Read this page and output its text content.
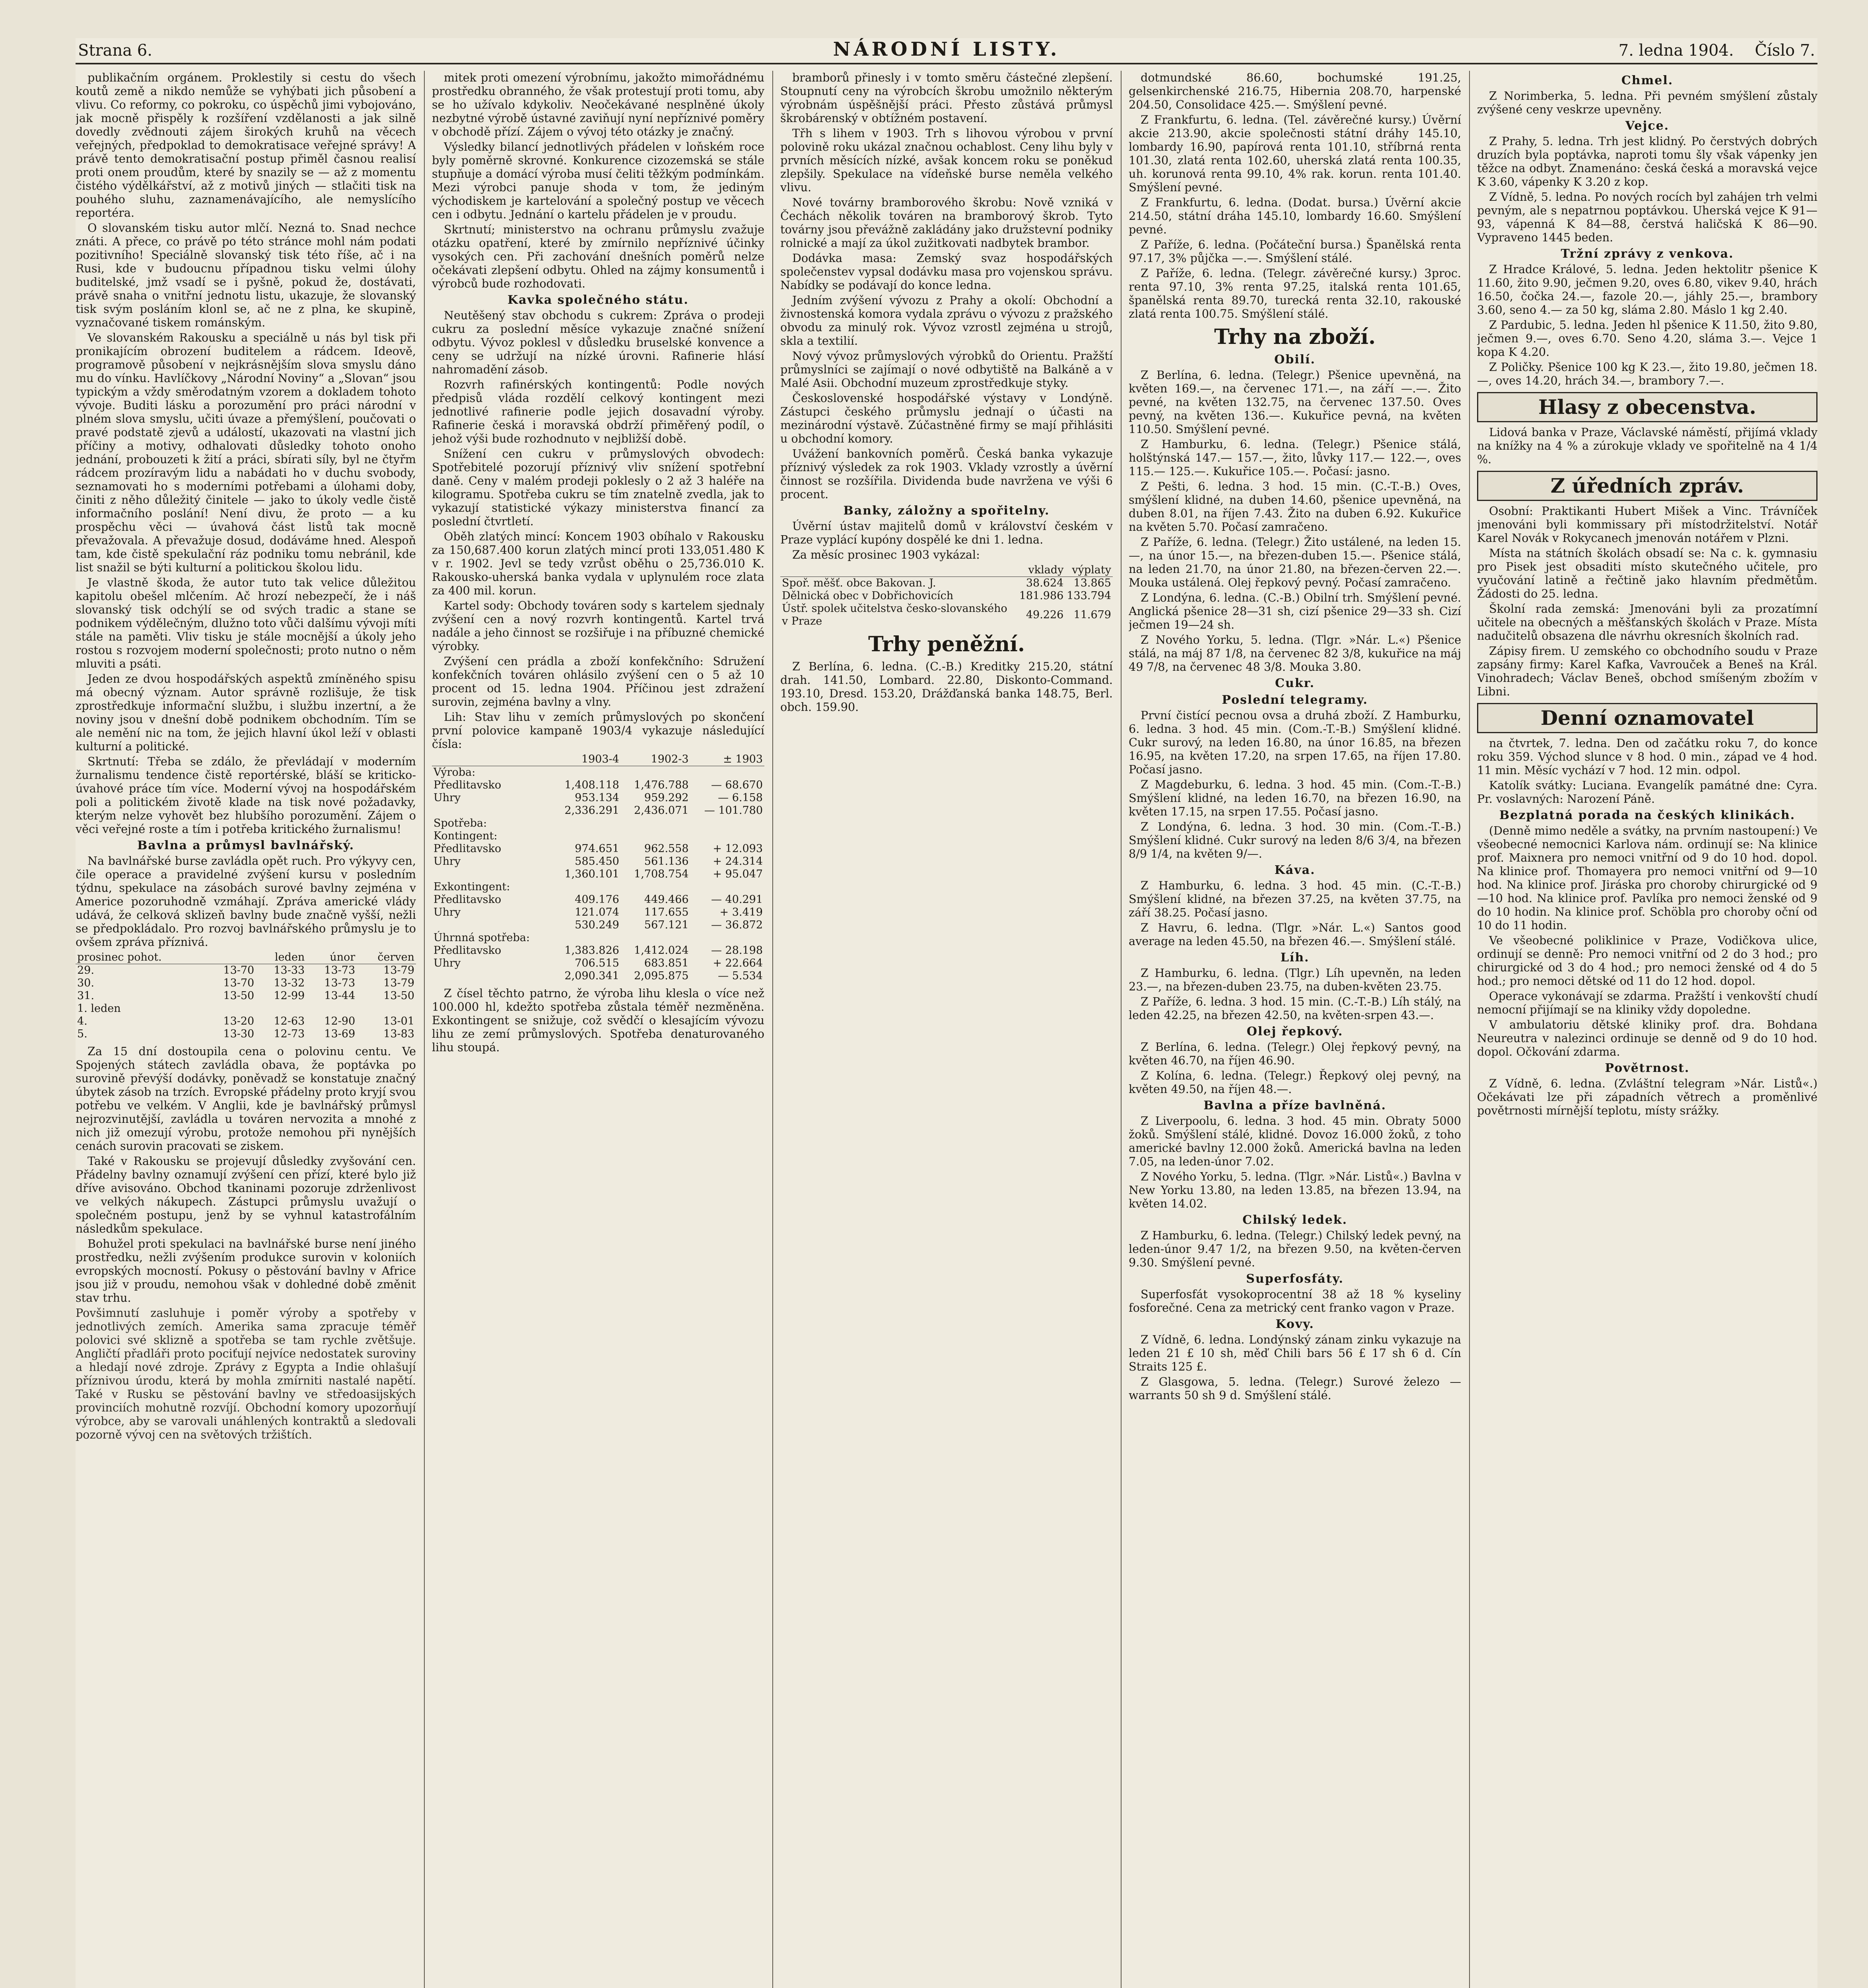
Strana 6.	NÁRODNÍ LISTY.	7. ledna 1904. Číslo 7.

publikačním orgánem. Proklestily si cestu do všech koutů země a nikdo nemůže se vyhýbati jich působení a vlivu. Co reformy, co pokroku, co úspěchů jimi vybojováno, jak mocně přispěly k rozšíření vzdělanosti a jak silně dovedly zvědnouti zájem širokých kruhů na věcech veřejných, předpoklad to demokratisace veřejné správy! A právě tento demokratisační postup přiměl časnou realisí proti onem proudům, které by snazily se — až z momentu čistého výdělkářství, až z motivů jiných — stlačiti tisk na pouhého sluhu, zaznamenávajícího, ale nemyslícího reportéra.

O slovanském tisku autor mlčí. Nezná to. Snad nechce znáti. A přece, co právě po této stránce mohl nám podati pozitivního! Speciálně slovanský tisk této říše, ač i na Rusi, kde v budoucnu případnou tisku velmi úlohy buditelské, jmž vsadí se i pyšně, pokud že, dostávati, právě snaha o vnitřní jednotu listu, ukazuje, že slovanský tisk svým posláním klonl se, ač ne z plna, ke skupině, vyznačované tiskem románským.

Ve slovanském Rakousku a speciálně u nás byl tisk při pronikajícím obrození buditelem a rádcem. Ideově, programově působení v nejkrásnějším slova smyslu dáno mu do vínku. Havlíčkovy „Národní Noviny“ a „Slovan“ jsou typickým a vždy směrodatným vzorem a dokladem tohoto vývoje. Buditi lásku a porozumění pro práci národní v plném slova smyslu, učiti úvaze a přemýšlení, poučovati o pravé podstatě zjevů a událostí, ukazovati na vlastní jich příčiny a motivy, odhalovati důsledky tohoto onoho jednání, probouzeti k žití a práci, sbírati síly, byl ne čtyřm rádcem prozíravým lidu a nabádati ho v duchu svobody, seznamovati ho s moderními potřebami a úlohami doby, činiti z něho důležitý činitele — jako to úkoly vedle čistě informačního poslání! Není divu, že proto — a ku prospěchu věci — úvahová část listů tak mocně převažovala. A převažuje dosud, dodáváme hned. Alespoň tam, kde čistě spekulační ráz podniku tomu nebránil, kde list snažil se býti kulturní a politickou školou lidu.

Je vlastně škoda, že autor tuto tak velice důležitou kapitolu obešel mlčením. Ač hrozí nebezpečí, že i náš slovanský tisk odchýlí se od svých tradic a stane se podnikem výdělečným, dlužno toto vůči dalšímu vývoji míti stále na paměti. Vliv tisku je stále mocnější a úkoly jeho rostou s rozvojem moderní společnosti; proto nutno o něm mluviti a psáti.

Jeden ze dvou hospodářských aspektů zmíněného spisu má obecný význam. Autor správně rozlišuje, že tisk zprostředkuje informační službu, i službu inzertní, a že noviny jsou v dnešní době podnikem obchodním. Tím se ale nemění nic na tom, že jejich hlavní úkol leží v oblasti kulturní a politické.

Skrtnutí: Třeba se zdálo, že převládají v moderním žurnalismu tendence čistě reportérské, bláší se kriticko-úvahové práce tím více. Moderní vývoj na hospodářském poli a politickém životě klade na tisk nové požadavky, kterým nelze vyhovět bez hlubšího porozumění. Zájem o věci veřejné roste a tím i potřeba kritického žurnalismu!

Bavlna a průmysl bavlnářský.

Na bavlnářské burse zavládla opět ruch. Pro výkyvy cen, čile operace a pravidelné zvýšení kursu v posledním týdnu, spekulace na zásobách surové bavlny zejména v Americe pozoruhodně vzmáhají. Zpráva americké vlády udává, že celková sklizeň bavlny bude značně vyšší, nežli se předpokládalo. Pro rozvoj bavlnářského průmyslu je to ovšem zpráva příznivá.

prosinec pohot.		leden	únor	červen
29.	13-70	13-33	13-73	13-79
30.	13-70	13-32	13-73	13-79
31.	13-50	12-99	13-44	13-50
1. leden				
4.	13-20	12-63	12-90	13-01
5.	13-30	12-73	13-69	13-83

Za 15 dní dostoupila cena o polovinu centu. Ve Spojených státech zavládla obava, že poptávka po surovině převýší dodávky, poněvadž se konstatuje značný úbytek zásob na trzích. Evropské přádelny proto kryjí svou potřebu ve velkém. V Anglii, kde je bavlnářský průmysl nejrozvinutější, zavládla u továren nervozita a mnohé z nich již omezují výrobu, protože nemohou při nynějších cenách surovin pracovati se ziskem.

Také v Rakousku se projevují důsledky zvyšování cen. Přádelny bavlny oznamují zvýšení cen přízí, které bylo již dříve avisováno. Obchod tkaninami pozoruje zdrženlivost ve velkých nákupech. Zástupci průmyslu uvažují o společném postupu, jenž by se vyhnul katastrofálním následkům spekulace.

Bohužel proti spekulaci na bavlnářské burse není jiného prostředku, nežli zvýšením produkce surovin v koloniích evropských mocností. Pokusy o pěstování bavlny v Africe jsou již v proudu, nemohou však v dohledné době změnit stav trhu.

Povšimnutí zasluhuje i poměr výroby a spotřeby v jednotlivých zemích. Amerika sama zpracuje téměř polovici své sklizně a spotřeba se tam rychle zvětšuje. Angličtí přadláři proto pociťují nejvíce nedostatek suroviny a hledají nové zdroje. Zprávy z Egypta a Indie ohlašují příznivou úrodu, která by mohla zmírniti nastalé napětí. Také v Rusku se pěstování bavlny ve středoasijských provinciích mohutně rozvíjí. Obchodní komory upozorňují výrobce, aby se varovali unáhlených kontraktů a sledovali pozorně vývoj cen na světových tržištích.

mitek proti omezení výrobnímu, jakožto mimořádnému prostředku obranného, že však protestují proti tomu, aby se ho užívalo kdykoliv. Neočekávané nesplněné úkoly nezbytné výrobě ústavné zaviňují nyní nepříznivé poměry v obchodě přízí. Zájem o vývoj této otázky je značný.

Výsledky bilancí jednotlivých přádelen v loňském roce byly poměrně skrovné. Konkurence cizozemská se stále stupňuje a domácí výroba musí čeliti těžkým podmínkám. Mezi výrobci panuje shoda v tom, že jediným východiskem je kartelování a společný postup ve věcech cen i odbytu. Jednání o kartelu přádelen je v proudu.

Skrtnutí; ministerstvo na ochranu průmyslu zvažuje otázku opatření, které by zmírnilo nepříznivé účinky vysokých cen. Při zachování dnešních poměrů nelze očekávati zlepšení odbytu. Ohled na zájmy konsumentů i výrobců bude rozhodovati.

Kavka společného státu.

Neutěšený stav obchodu s cukrem: Zpráva o prodeji cukru za poslední měsíce vykazuje značné snížení odbytu. Vývoz poklesl v důsledku bruselské konvence a ceny se udržují na nízké úrovni. Rafinerie hlásí nahromadění zásob.

Rozvrh rafinérských kontingentů: Podle nových předpisů vláda rozdělí celkový kontingent mezi jednotlivé rafinerie podle jejich dosavadní výroby. Rafinerie česká i moravská obdrží přiměřený podíl, o jehož výši bude rozhodnuto v nejbližší době.

Snížení cen cukru v průmyslových obvodech: Spotřebitelé pozorují příznivý vliv snížení spotřební daně. Ceny v malém prodeji poklesly o 2 až 3 haléře na kilogramu. Spotřeba cukru se tím znatelně zvedla, jak to vykazují statistické výkazy ministerstva financí za poslední čtvrtletí.

Oběh zlatých mincí: Koncem 1903 obíhalo v Rakousku za 150,687.400 korun zlatých mincí proti 133,051.480 K v r. 1902. Jevl se tedy vzrůst oběhu o 25,736.010 K. Rakousko-uherská banka vydala v uplynulém roce zlata za 400 mil. korun.

Kartel sody: Obchody továren sody s kartelem sjednaly zvýšení cen a nový rozvrh kontingentů. Kartel trvá nadále a jeho činnost se rozšiřuje i na příbuzné chemické výrobky.

Zvýšení cen prádla a zboží konfekčního: Sdružení konfekčních továren ohlásilo zvýšení cen o 5 až 10 procent od 15. ledna 1904. Příčinou jest zdražení surovin, zejména bavlny a vlny.

Lih: Stav lihu v zemích průmyslových po skončení první polovice kampaně 1903/4 vykazuje následující čísla:

	1903-4	1902-3	± 1903
Výroba:			
Předlitavsko	1,408.118	1,476.788	— 68.670
Uhry	953.134	959.292	— 6.158
	2,336.291	2,436.071	— 101.780
Spotřeba:			
Kontingent:			
Předlitavsko	974.651	962.558	+ 12.093
Uhry	585.450	561.136	+ 24.314
	1,360.101	1,708.754	+ 95.047
Exkontingent:			
Předlitavsko	409.176	449.466	— 40.291
Uhry	121.074	117.655	+ 3.419
	530.249	567.121	— 36.872
Úhrnná spotřeba:			
Předlitavsko	1,383.826	1,412.024	— 28.198
Uhry	706.515	683.851	+ 22.664
	2,090.341	2,095.875	— 5.534

Z čísel těchto patrno, že výroba lihu klesla o více než 100.000 hl, kdežto spotřeba zůstala téměř nezměněna. Exkontingent se snižuje, což svědčí o klesajícím vývozu lihu ze zemí průmyslových. Spotřeba denaturovaného lihu stoupá.

bramborů přinesly i v tomto směru částečné zlepšení. Stoupnutí ceny na výrobcích škrobu umožnilo některým výrobnám úspěšnější práci. Přesto zůstává průmysl škrobárenský v obtížném postavení.

Třh s lihem v 1903. Trh s lihovou výrobou v první polovině roku ukázal značnou ochablost. Ceny lihu byly v prvních měsících nízké, avšak koncem roku se poněkud zlepšily. Spekulace na vídeňské burse neměla velkého vlivu.

Nové továrny bramborového škrobu: Nově vzniká v Čechách několik továren na bramborový škrob. Tyto továrny jsou převážně zakládány jako družstevní podniky rolnické a mají za úkol zužitkovati nadbytek brambor.

Dodávka masa: Zemský svaz hospodářských společenstev vypsal dodávku masa pro vojenskou správu. Nabídky se podávají do konce ledna.

Jedním zvýšení vývozu z Prahy a okolí: Obchodní a živnostenská komora vydala zprávu o vývozu z pražského obvodu za minulý rok. Vývoz vzrostl zejména u strojů, skla a textilií.

Nový vývoz průmyslových výrobků do Orientu. Pražští průmyslníci se zajímají o nové odbytiště na Balkáně a v Malé Asii. Obchodní muzeum zprostředkuje styky.

Československé hospodářské výstavy v Londýně. Zástupci českého průmyslu jednají o účasti na mezinárodní výstavě. Zúčastněné firmy se mají přihlásiti u obchodní komory.

Uvážení bankovních poměrů. Česká banka vykazuje příznivý výsledek za rok 1903. Vklady vzrostly a úvěrní činnost se rozšířila. Dividenda bude navržena ve výši 6 procent.

Banky, záložny a spořitelny.

Úvěrní ústav majitelů domů v království českém v Praze vyplácí kupóny dospělé ke dni 1. ledna.

Za měsíc prosinec 1903 vykázal:

	vklady	výplaty
Spoř. měšť. obce Bakovan. J.	38.624	13.865
Dělnická obec v Dobřichovicích	181.986	133.794
Ústř. spolek učitelstva česko-slovanského v Praze	49.226	11.679
Trhy peněžní.

Z Berlína, 6. ledna. (C.-B.) Kreditky 215.20, státní drah. 141.50, Lombard. 22.80, Diskonto-Command. 193.10, Dresd. 153.20, Drážďanská banka 148.75, Berl. obch. 159.90.

dotmundské 86.60, bochumské 191.25, gelsenkirchenské 216.75, Hibernia 208.70, harpenské 204.50, Consolidace 425.—. Smýšlení pevné.

Z Frankfurtu, 6. ledna. (Tel. závěrečné kursy.) Úvěrní akcie 213.90, akcie společnosti státní dráhy 145.10, lombardy 16.90, papírová renta 101.10, stříbrná renta 101.30, zlatá renta 102.60, uherská zlatá renta 100.35, uh. korunová renta 99.10, 4% rak. korun. renta 101.40. Smýšlení pevné.

Z Frankfurtu, 6. ledna. (Dodat. bursa.) Úvěrní akcie 214.50, státní dráha 145.10, lombardy 16.60. Smýšlení pevné.

Z Paříže, 6. ledna. (Počáteční bursa.) Španělská renta 97.17, 3% půjčka —.—. Smýšlení stálé.

Z Paříže, 6. ledna. (Telegr. závěrečné kursy.) 3proc. renta 97.10, 3% renta 97.25, italská renta 101.65, španělská renta 89.70, turecká renta 32.10, rakouské zlatá renta 100.75. Smýšlení stálé.

Trhy na zboží.
Obilí.

Z Berlína, 6. ledna. (Telegr.) Pšenice upevněná, na květen 169.—, na červenec 171.—, na září —.—. Žito pevné, na květen 132.75, na červenec 137.50. Oves pevný, na květen 136.—. Kukuřice pevná, na květen 110.50. Smýšlení pevné.

Z Hamburku, 6. ledna. (Telegr.) Pšenice stálá, holštýnská 147.— 157.—, žito, lůvky 117.— 122.—, oves 115.— 125.—. Kukuřice 105.—. Počasí: jasno.

Z Pešti, 6. ledna. 3 hod. 15 min. (C.-T.-B.) Oves, smýšlení klidné, na duben 14.60, pšenice upevněná, na duben 8.01, na říjen 7.43. Žito na duben 6.92. Kukuřice na květen 5.70. Počasí zamračeno.

Z Paříže, 6. ledna. (Telegr.) Žito ustálené, na leden 15.—, na únor 15.—, na březen-duben 15.—. Pšenice stálá, na leden 21.70, na únor 21.80, na březen-červen 22.—. Mouka ustálená. Olej řepkový pevný. Počasí zamračeno.

Z Londýna, 6. ledna. (C.-B.) Obilní trh. Smýšlení pevné. Anglická pšenice 28—31 sh, cizí pšenice 29—33 sh. Cizí ječmen 19—24 sh.

Z Nového Yorku, 5. ledna. (Tlgr. »Nár. L.«) Pšenice stálá, na máj 87 1/8, na červenec 82 3/8, kukuřice na máj 49 7/8, na červenec 48 3/8. Mouka 3.80.

Cukr.
Poslední telegramy.

První čistící pecnou ovsa a druhá zboží. Z Hamburku, 6. ledna. 3 hod. 45 min. (Com.-T.-B.) Smýšlení klidné. Cukr surový, na leden 16.80, na únor 16.85, na březen 16.95, na květen 17.20, na srpen 17.65, na říjen 17.80. Počasí jasno.

Z Magdeburku, 6. ledna. 3 hod. 45 min. (Com.-T.-B.) Smýšlení klidné, na leden 16.70, na březen 16.90, na květen 17.15, na srpen 17.55. Počasí jasno.

Z Londýna, 6. ledna. 3 hod. 30 min. (Com.-T.-B.) Smýšlení klidné. Cukr surový na leden 8/6 3/4, na březen 8/9 1/4, na květen 9/—.

Káva.

Z Hamburku, 6. ledna. 3 hod. 45 min. (C.-T.-B.) Smýšlení klidné, na březen 37.25, na květen 37.75, na září 38.25. Počasí jasno.

Z Havru, 6. ledna. (Tlgr. »Nár. L.«) Santos good average na leden 45.50, na březen 46.—. Smýšlení stálé.

Líh.

Z Hamburku, 6. ledna. (Tlgr.) Líh upevněn, na leden 23.—, na březen-duben 23.75, na duben-květen 23.75.

Z Paříže, 6. ledna. 3 hod. 15 min. (C.-T.-B.) Líh stálý, na leden 42.25, na březen 42.50, na květen-srpen 43.—.

Olej řepkový.

Z Berlína, 6. ledna. (Telegr.) Olej řepkový pevný, na květen 46.70, na říjen 46.90.

Z Kolína, 6. ledna. (Telegr.) Řepkový olej pevný, na květen 49.50, na říjen 48.—.

Bavlna a příze bavlněná.

Z Liverpoolu, 6. ledna. 3 hod. 45 min. Obraty 5000 žoků. Smýšlení stálé, klidné. Dovoz 16.000 žoků, z toho americké bavlny 12.000 žoků. Americká bavlna na leden 7.05, na leden-únor 7.02.

Z Nového Yorku, 5. ledna. (Tlgr. »Nár. Listů«.) Bavlna v New Yorku 13.80, na leden 13.85, na březen 13.94, na květen 14.02.

Chilský ledek.

Z Hamburku, 6. ledna. (Telegr.) Chilský ledek pevný, na leden-únor 9.47 1/2, na březen 9.50, na květen-červen 9.30. Smýšlení pevné.

Superfosfáty.

Superfosfát vysokoprocentní 38 až 18 % kyseliny fosforečné. Cena za metrický cent franko vagon v Praze.

Kovy.

Z Vídně, 6. ledna. Londýnský zánam zinku vykazuje na leden 21 £ 10 sh, měď Chili bars 56 £ 17 sh 6 d. Cín Straits 125 £.

Z Glasgowa, 5. ledna. (Telegr.) Surové železo — warrants 50 sh 9 d. Smýšlení stálé.

Chmel.

Z Norimberka, 5. ledna. Při pevném smýšlení zůstaly zvýšené ceny veskrze upevněny.

Vejce.

Z Prahy, 5. ledna. Trh jest klidný. Po čerstvých dobrých druzích byla poptávka, naproti tomu šly však vápenky jen těžce na odbyt. Znamenáno: česká česká a moravská vejce K 3.60, vápenky K 3.20 z kop.

Z Vídně, 5. ledna. Po nových rocích byl zahájen trh velmi pevným, ale s nepatrnou poptávkou. Uherská vejce K 91—93, vápenná K 84—88, čerstvá haličská K 86—90. Vypraveno 1445 beden.

Tržní zprávy z venkova.

Z Hradce Králové, 5. ledna. Jeden hektolitr pšenice K 11.60, žito 9.90, ječmen 9.20, oves 6.80, vikev 9.40, hrách 16.50, čočka 24.—, fazole 20.—, jáhly 25.—, brambory 3.60, seno 4.— za 50 kg, sláma 2.80. Máslo 1 kg 2.40.

Z Pardubic, 5. ledna. Jeden hl pšenice K 11.50, žito 9.80, ječmen 9.—, oves 6.70. Seno 4.20, sláma 3.—. Vejce 1 kopa K 4.20.

Z Poličky. Pšenice 100 kg K 23.—, žito 19.80, ječmen 18.—, oves 14.20, hrách 34.—, brambory 7.—.

Hlasy z obecenstva.

Lidová banka v Praze, Václavské náměstí, přijímá vklady na knížky na 4 % a zúrokuje vklady ve spořitelně na 4 1/4 %.

Z úředních zpráv.

Osobní: Praktikanti Hubert Mišek a Vinc. Trávníček jmenováni byli kommissary při místodržitelství. Notář Karel Novák v Rokycanech jmenován notářem v Plzni.

Místa na státních školách obsadí se: Na c. k. gymnasiu pro Pisek jest obsaditi místo skutečného učitele, pro vyučování latině a řečtině jako hlavním předmětům. Žádosti do 25. ledna.

Školní rada zemská: Jmenováni byli za prozatímní učitele na obecných a měšťanských školách v Praze. Místa nadučitelů obsazena dle návrhu okresních školních rad.

Zápisy firem. U zemského co obchodního soudu v Praze zapsány firmy: Karel Kafka, Vavrouček a Beneš na Král. Vinohradech; Václav Beneš, obchod smíšeným zbožím v Libni.

Denní oznamovatel

na čtvrtek, 7. ledna. Den od začátku roku 7, do konce roku 359. Východ slunce v 8 hod. 0 min., západ ve 4 hod. 11 min. Měsíc vychází v 7 hod. 12 min. odpol.

Katolík svátky: Luciana. Evangelík památné dne: Cyra. Pr. voslavných: Narození Páně.

Bezplatná porada na českých klinikách.

(Denně mimo neděle a svátky, na prvním nastoupení:) Ve všeobecné nemocnici Karlova nám. ordinují se: Na klinice prof. Maixnera pro nemoci vnitřní od 9 do 10 hod. dopol. Na klinice prof. Thomayera pro nemoci vnitřní od 9—10 hod. Na klinice prof. Jiráska pro choroby chirurgické od 9—10 hod. Na klinice prof. Pavlíka pro nemoci ženské od 9 do 10 hodin. Na klinice prof. Schöbla pro choroby oční od 10 do 11 hodin.

Ve všeobecné poliklinice v Praze, Vodičkova ulice, ordinují se denně: Pro nemoci vnitřní od 2 do 3 hod.; pro chirurgické od 3 do 4 hod.; pro nemoci ženské od 4 do 5 hod.; pro nemoci dětské od 11 do 12 hod. dopol.

Operace vykonávají se zdarma. Pražští i venkovští chudí nemocní přijímají se na kliniky vždy dopoledne.

V ambulatoriu dětské kliniky prof. dra. Bohdana Neureutra v nalezinci ordinuje se denně od 9 do 10 hod. dopol. Očkování zdarma.

Povětrnost.

Z Vídně, 6. ledna. (Zvláštní telegram »Nár. Listů«.) Očekávati lze při západních větrech a proměnlivé povětrnosti mírnější teplotu, místy srážky.
